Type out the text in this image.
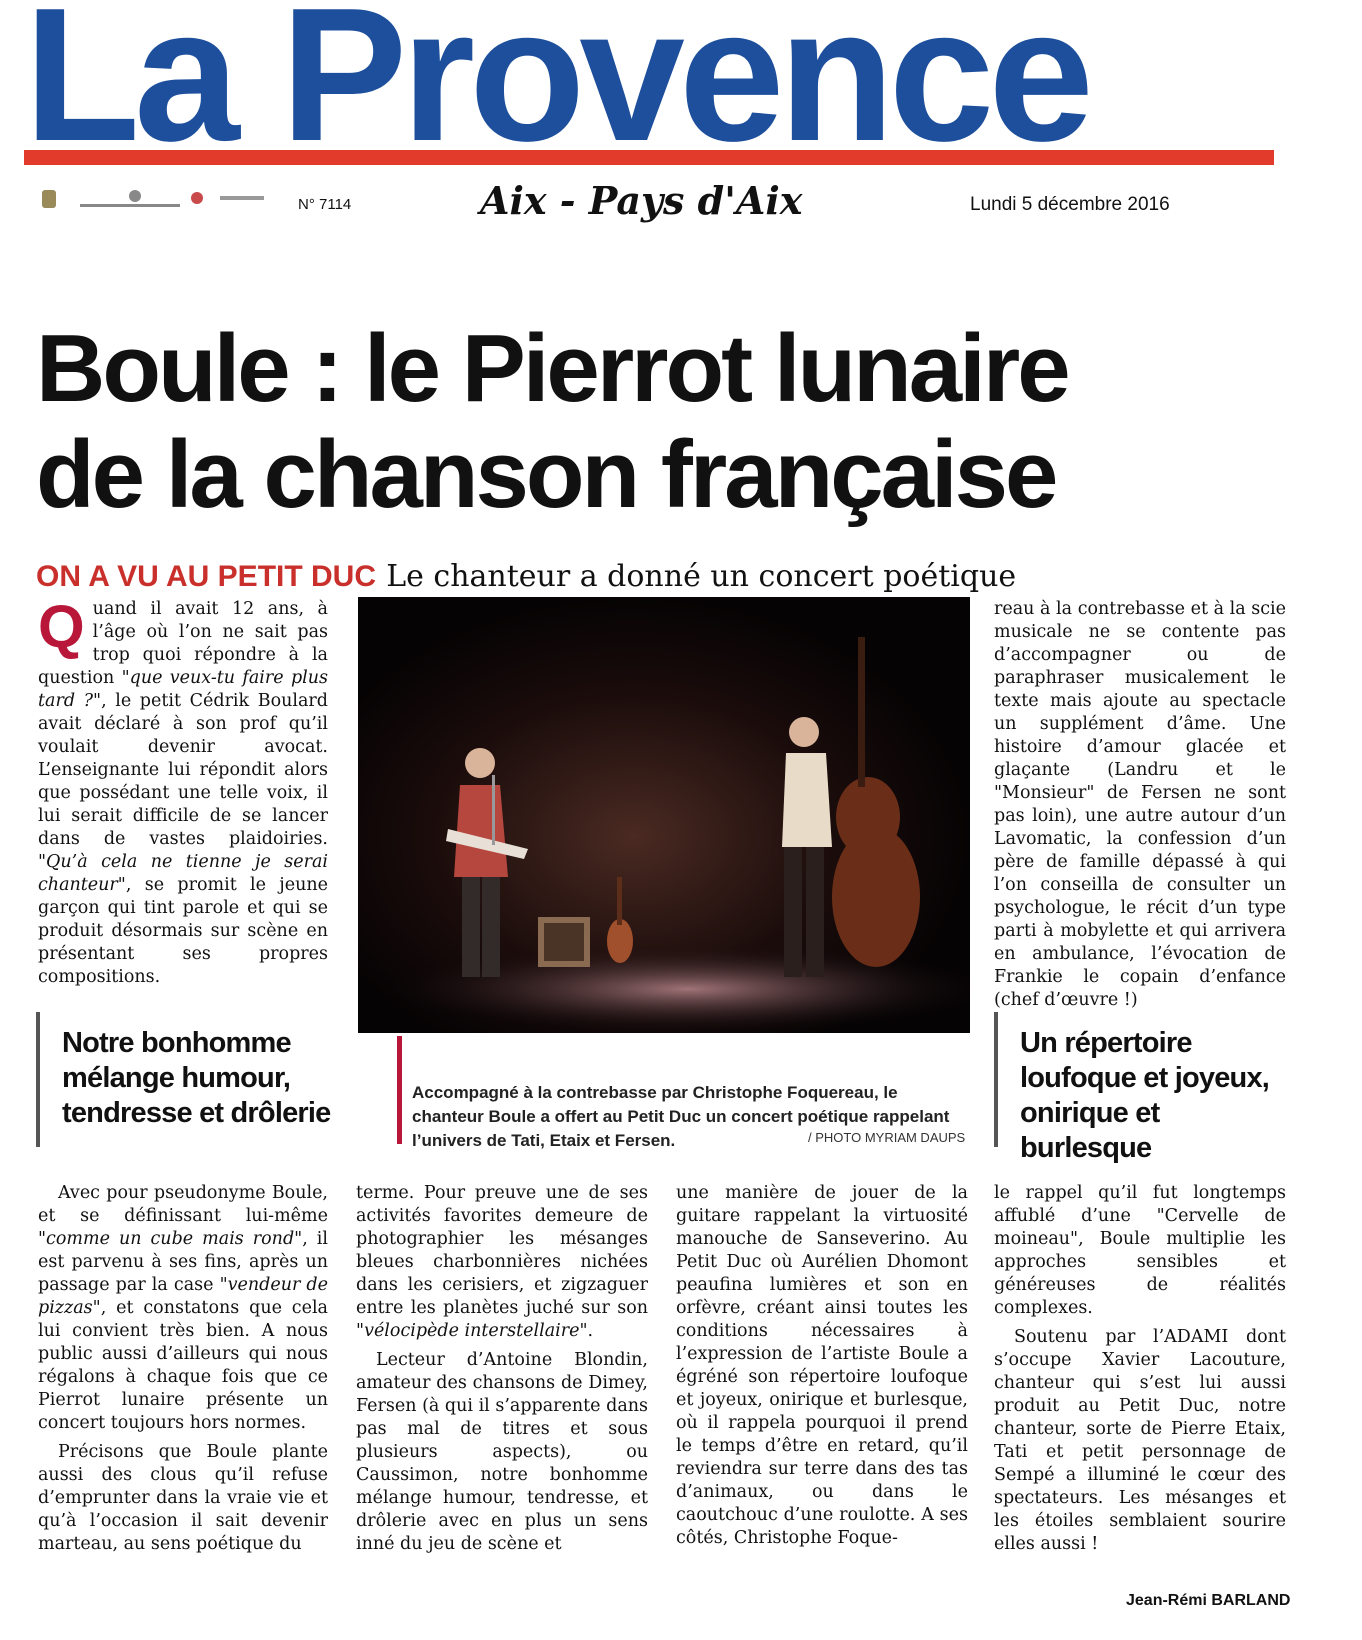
La Provence
N° 7114	Aix - Pays d'Aix	Lundi 5 décembre 2016
Boule : le Pierrot lunaire
de la chanson française
ON A VU AU PETIT DUC Le chanteur a donné un concert poétique

Quand il avait 12 ans, à l’âge où l’on ne sait pas trop quoi répondre à la question "que veux-tu faire plus tard ?", le petit Cédrik Boulard avait déclaré à son prof qu’il voulait devenir avocat. L’enseignante lui répondit alors que possédant une telle voix, il lui serait difficile de se lancer dans de vastes plaidoiries. "Qu’à cela ne tienne je serai chanteur", se promit le jeune garçon qui tint parole et qui se produit désormais sur scène en présentant ses propres compositions.

reau à la contrebasse et à la scie musicale ne se contente pas d’accompagner ou de paraphraser musicalement le texte mais ajoute au spectacle un supplément d’âme. Une histoire d’amour glacée et glaçante (Landru et le "Monsieur" de Fersen ne sont pas loin), une autre autour d’un Lavomatic, la confession d’un père de famille dépassé à qui l’on conseilla de consulter un psychologue, le récit d’un type parti à mobylette et qui arrivera en ambulance, l’évocation de Frankie le copain d’enfance (chef d’œuvre !)

Notre bonhomme mélange humour, tendresse et drôlerie
Un répertoire loufoque et joyeux, onirique et burlesque
Accompagné à la contrebasse par Christophe Foquereau, le chanteur Boule a offert au Petit Duc un concert poétique rappelant l’univers de Tati, Etaix et Fersen.	/ PHOTO MYRIAM DAUPS

Avec pour pseudonyme Boule, et se définissant lui-même "comme un cube mais rond", il est parvenu à ses fins, après un passage par la case "vendeur de pizzas", et constatons que cela lui convient très bien. A nous public aussi d’ailleurs qui nous régalons à chaque fois que ce Pierrot lunaire présente un concert toujours hors normes.

Précisons que Boule plante aussi des clous qu’il refuse d’emprunter dans la vraie vie et qu’à l’occasion il sait devenir marteau, au sens poétique du

terme. Pour preuve une de ses activités favorites demeure de photographier les mésanges bleues charbonnières nichées dans les cerisiers, et zigzaguer entre les planètes juché sur son "vélocipède interstellaire".

Lecteur d’Antoine Blondin, amateur des chansons de Dimey, Fersen (à qui il s’apparente dans pas mal de titres et sous plusieurs aspects), ou Caussimon, notre bonhomme mélange humour, tendresse, et drôlerie avec en plus un sens inné du jeu de scène et

une manière de jouer de la guitare rappelant la virtuosité manouche de Sanseverino. Au Petit Duc où Aurélien Dhomont peaufina lumières et son en orfèvre, créant ainsi toutes les conditions nécessaires à l’expression de l’artiste Boule a égréné son répertoire loufoque et joyeux, onirique et burlesque, où il rappela pourquoi il prend le temps d’être en retard, qu’il reviendra sur terre dans des tas d’animaux, ou dans le caoutchouc d’une roulotte. A ses côtés, Christophe Foque-

le rappel qu’il fut longtemps affublé d’une "Cervelle de moineau", Boule multiplie les approches sensibles et généreuses de réalités complexes.

Soutenu par l’ADAMI dont s’occupe Xavier Lacouture, chanteur qui s’est lui aussi produit au Petit Duc, notre chanteur, sorte de Pierre Etaix, Tati et petit personnage de Sempé a illuminé le cœur des spectateurs. Les mésanges et les étoiles semblaient sourire elles aussi !

Jean-Rémi BARLAND
